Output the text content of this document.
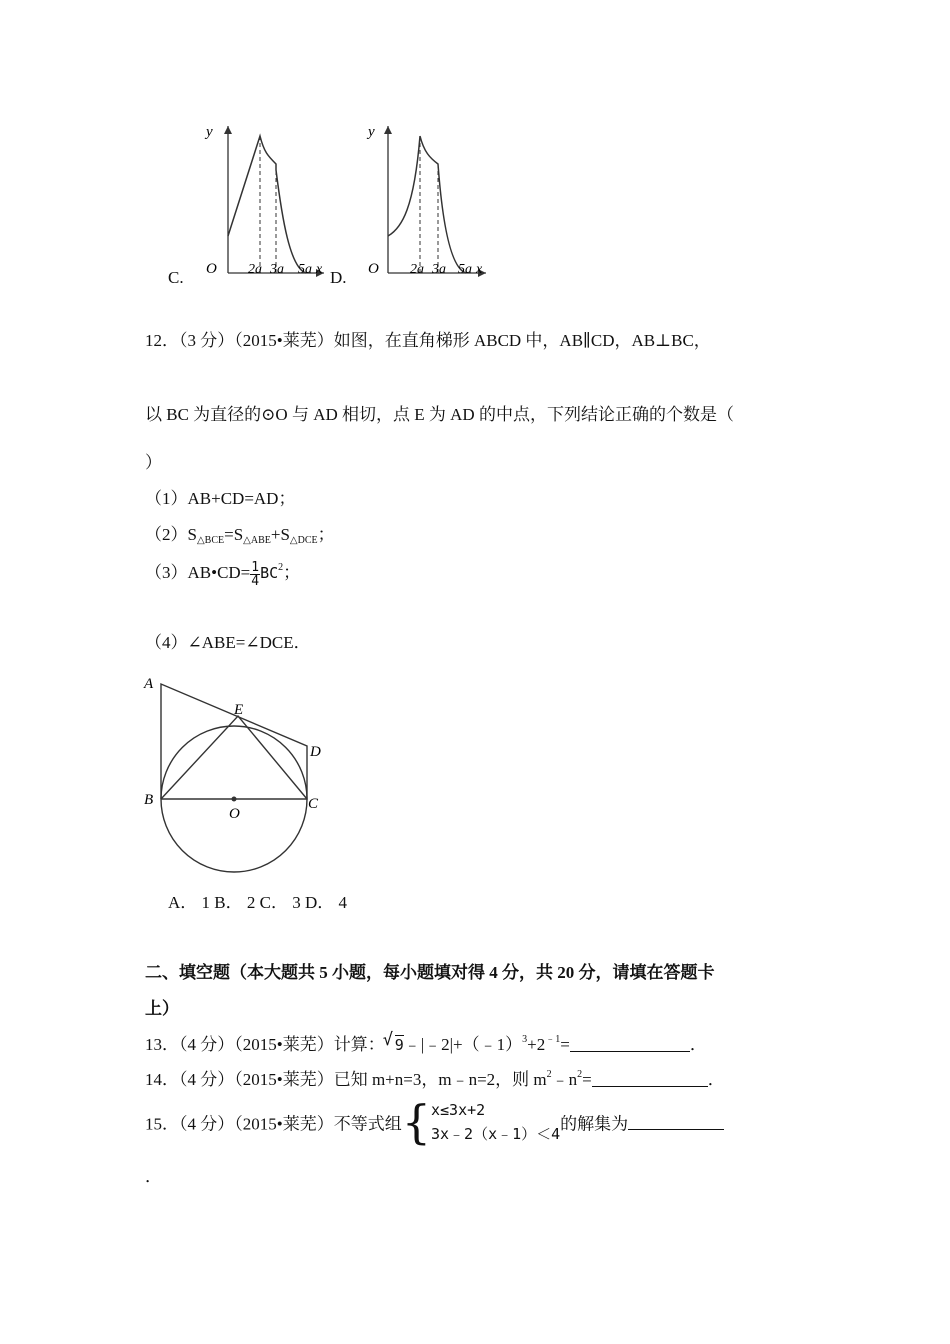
C.
y
O 2a 3a 5a x D.
y
O 2a 3a 5a x
12．（3 分）（2015•莱芜）如图，在直角梯形 ABCD 中，AB∥CD，AB⊥BC，
以 BC 为直径的⊙O 与 AD 相切，点 E 为 AD 的中点，下列结论正确的个数是（
）
（1）AB+CD=AD；
$(2)S_{\triangle BCE}=S_{\triangle ABE}+S_{\triangle DCE}$；
（3）AB•CD= $\frac{1}{4} BC^2$；
（4）∠ABE=∠DCE．
A
E
D
B	C
O
A． 1 B． 2 C． 3 D． 4
二、填空题（本大题共 5 小题，每小题填对得 4 分，共 20 分，请填在答题卡
上）
13．（4 分）（2015•莱芜）计算：
√ $9﹣|﹣2|+(﹣1)^3+2^{﹣1}=$	．
14．（4 分）（2015•莱芜）已知 m+n=3，m﹣n=2，则 $m^2﹣n^2=$	．
15．（4 分）（2015•莱芜）不等式组{ x≤3x+2
3x﹣2（x﹣1）＜4
的解集为
．
